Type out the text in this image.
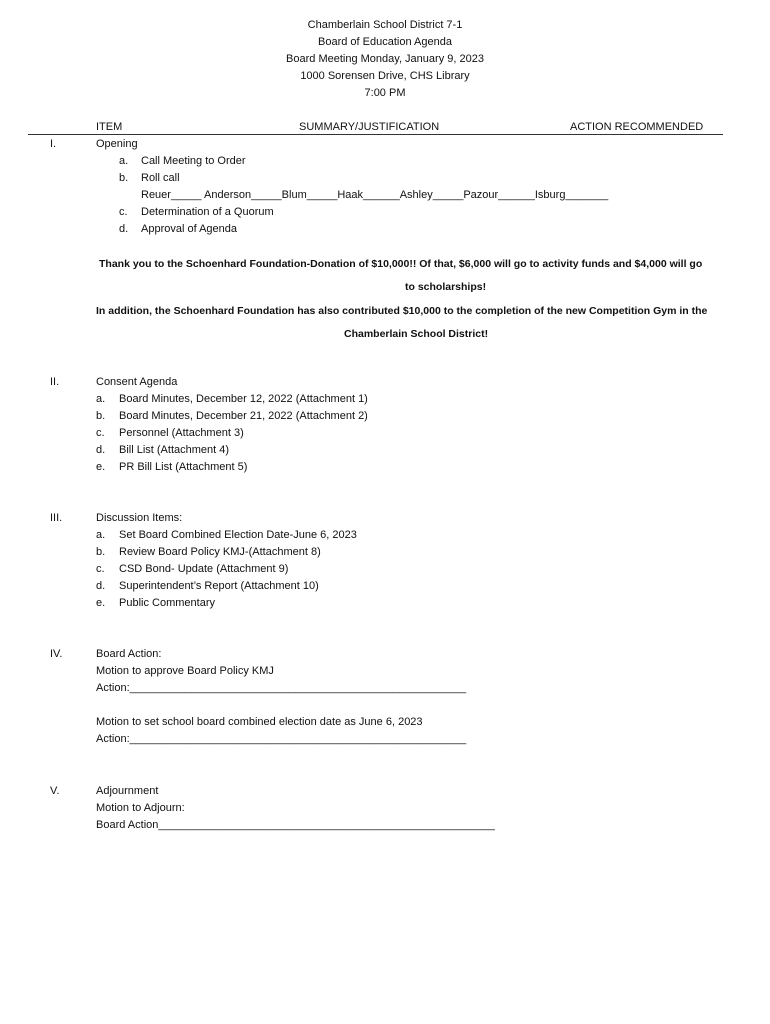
Chamberlain School District 7-1
Board of Education Agenda
Board Meeting Monday, January 9, 2023
1000 Sorensen Drive, CHS Library
7:00 PM
ITEM	SUMMARY/JUSTIFICATION	ACTION RECOMMENDED
I.	Opening
a. Call Meeting to Order
b. Roll call
Reuer_____ Anderson_____Blum_____Haak______Ashley_____Pazour______Isburg_______
c. Determination of a Quorum
d. Approval of Agenda
Thank you to the Schoenhard Foundation-Donation of $10,000!! Of that, $6,000 will go to activity funds and $4,000 will go
to scholarships!
In addition, the Schoenhard Foundation has also contributed $10,000 to the completion of the new Competition Gym in the
Chamberlain School District!
II.	Consent Agenda
a. Board Minutes, December 12, 2022 (Attachment 1)
b. Board Minutes, December 21, 2022 (Attachment 2)
c. Personnel (Attachment 3)
d. Bill List (Attachment 4)
e. PR Bill List (Attachment 5)
III.	Discussion Items:
a. Set Board Combined Election Date-June 6, 2023
b. Review Board Policy KMJ-(Attachment 8)
c. CSD Bond- Update (Attachment 9)
d. Superintendent’s Report (Attachment 10)
e. Public Commentary
IV.	Board Action:
Motion to approve Board Policy KMJ
Action:_______________________________________________________
Motion to set school board combined election date as June 6, 2023
Action:_______________________________________________________
V.	Adjournment
Motion to Adjourn:
Board Action_______________________________________________________
